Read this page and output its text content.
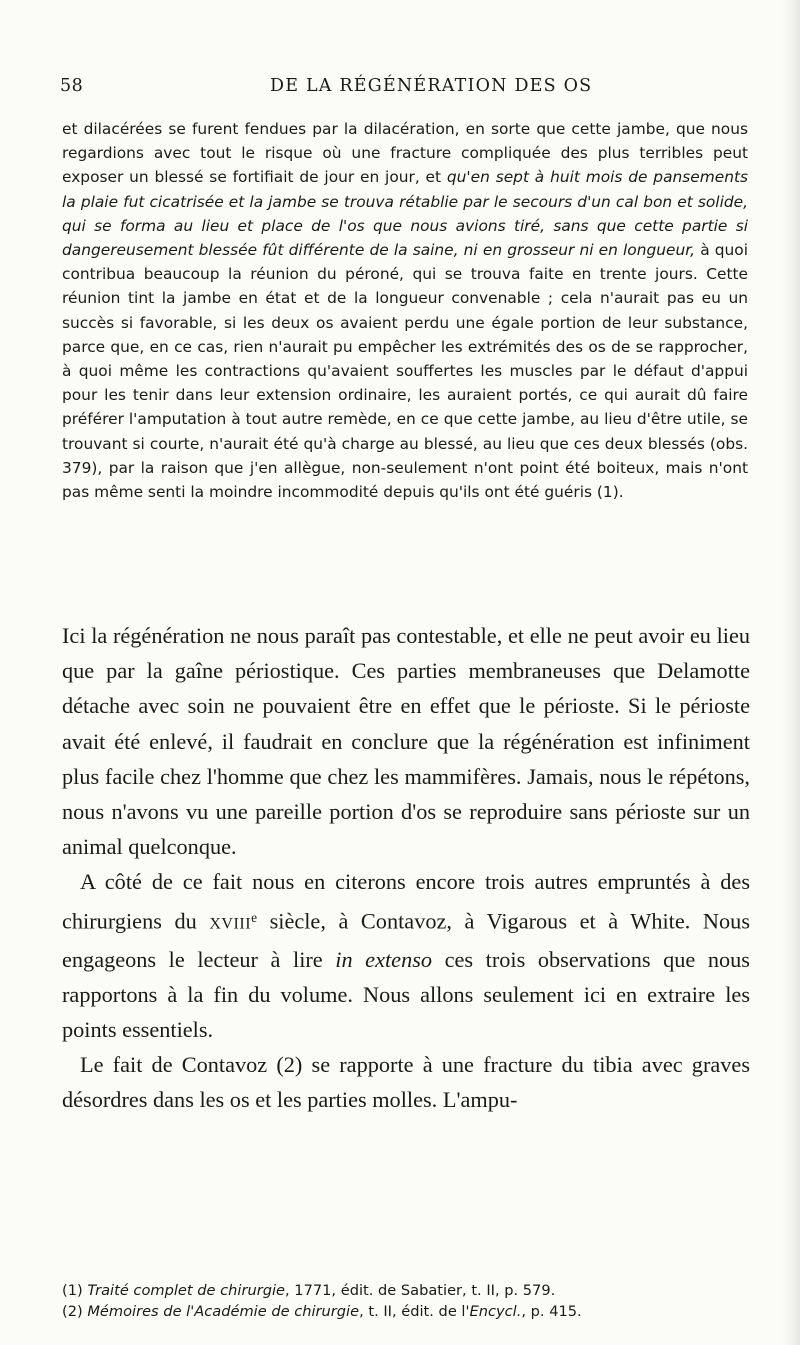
58	DE LA RÉGÉNÉRATION DES OS

et dilacérées se furent fendues par la dilacération, en sorte que cette jambe, que nous regardions avec tout le risque où une fracture compliquée des plus terribles peut exposer un blessé se fortifiait de jour en jour, et qu'en sept à huit mois de pansements la plaie fut cicatrisée et la jambe se trouva rétablie par le secours d'un cal bon et solide, qui se forma au lieu et place de l'os que nous avions tiré, sans que cette partie si dangereusement blessée fût différente de la saine, ni en grosseur ni en longueur, à quoi contribua beaucoup la réunion du péroné, qui se trouva faite en trente jours. Cette réunion tint la jambe en état et de la longueur convenable ; cela n'aurait pas eu un succès si favorable, si les deux os avaient perdu une égale portion de leur substance, parce que, en ce cas, rien n'aurait pu empêcher les extrémités des os de se rapprocher, à quoi même les contractions qu'avaient souffertes les muscles par le défaut d'appui pour les tenir dans leur extension ordinaire, les auraient portés, ce qui aurait dû faire préférer l'amputation à tout autre remède, en ce que cette jambe, au lieu d'être utile, se trouvant si courte, n'aurait été qu'à charge au blessé, au lieu que ces deux blessés (obs. 379), par la raison que j'en allègue, non-seulement n'ont point été boiteux, mais n'ont pas même senti la moindre incommodité depuis qu'ils ont été guéris (1).

Ici la régénération ne nous paraît pas contestable, et elle ne peut avoir eu lieu que par la gaîne périostique. Ces parties membraneuses que Delamotte détache avec soin ne pouvaient être en effet que le périoste. Si le périoste avait été enlevé, il faudrait en conclure que la régénération est infiniment plus facile chez l'homme que chez les mammifères. Jamais, nous le répétons, nous n'avons vu une pareille portion d'os se reproduire sans périoste sur un animal quelconque.

A côté de ce fait nous en citerons encore trois autres empruntés à des chirurgiens du XVIIIe siècle, à Contavoz, à Vigarous et à White. Nous engageons le lecteur à lire in extenso ces trois observations que nous rapportons à la fin du volume. Nous allons seulement ici en extraire les points essentiels.

Le fait de Contavoz (2) se rapporte à une fracture du tibia avec graves désordres dans les os et les parties molles. L'ampu-

(1) Traité complet de chirurgie, 1771, édit. de Sabatier, t. II, p. 579.
(2) Mémoires de l'Académie de chirurgie, t. II, édit. de l'Encycl., p. 415.
